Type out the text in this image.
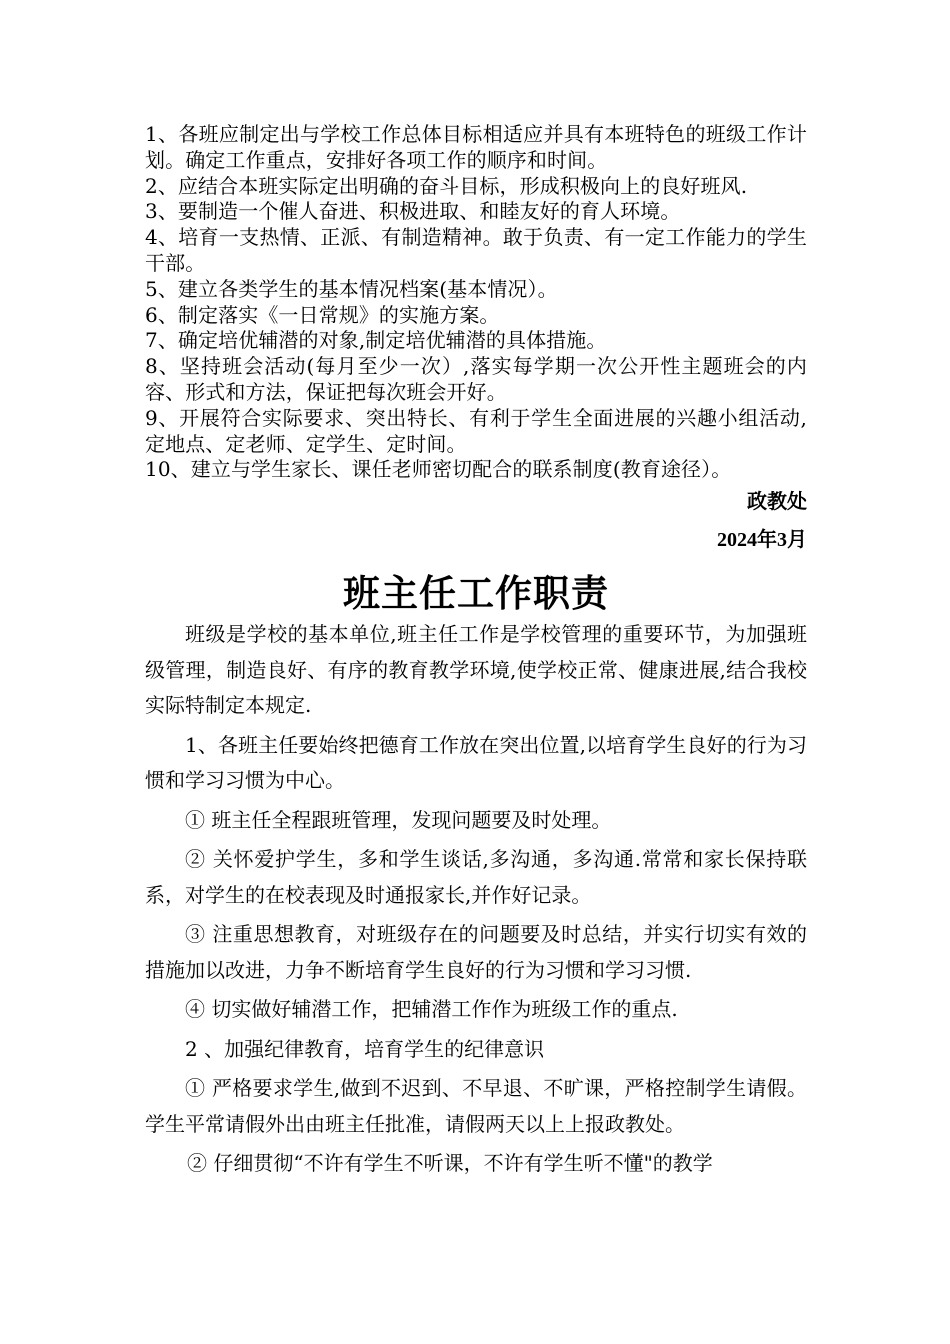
1、各班应制定出与学校工作总体目标相适应并具有本班特色的班级工作计划。确定工作重点，安排好各项工作的顺序和时间。
2、应结合本班实际定出明确的奋斗目标，形成积极向上的良好班风.
3、要制造一个催人奋进、积极进取、和睦友好的育人环境。
4、培育一支热情、正派、有制造精神。敢于负责、有一定工作能力的学生干部。
5、建立各类学生的基本情况档案(基本情况）。
6、制定落实《一日常规》的实施方案。
7、确定培优辅潜的对象,制定培优辅潜的具体措施。
8、坚持班会活动(每月至少一次）,落实每学期一次公开性主题班会的内容、形式和方法，保证把每次班会开好。
9、开展符合实际要求、突出特长、有利于学生全面进展的兴趣小组活动,定地点、定老师、定学生、定时间。
10、建立与学生家长、课任老师密切配合的联系制度(教育途径）。
政教处
2024年3月
班主任工作职责

班级是学校的基本单位,班主任工作是学校管理的重要环节，为加强班级管理，制造良好、有序的教育教学环境,使学校正常、健康进展,结合我校实际特制定本规定.

1、各班主任要始终把德育工作放在突出位置,以培育学生良好的行为习惯和学习习惯为中心。

① 班主任全程跟班管理，发现问题要及时处理。

② 关怀爱护学生，多和学生谈话,多沟通，多沟通.常常和家长保持联系，对学生的在校表现及时通报家长,并作好记录。

③ 注重思想教育，对班级存在的问题要及时总结，并实行切实有效的措施加以改进，力争不断培育学生良好的行为习惯和学习习惯.

④ 切实做好辅潜工作，把辅潜工作作为班级工作的重点.

2 、加强纪律教育，培育学生的纪律意识

① 严格要求学生,做到不迟到、不早退、不旷课，严格控制学生请假。学生平常请假外出由班主任批准，请假两天以上上报政教处。

② 仔细贯彻“不许有学生不听课，不许有学生听不懂"的教学
